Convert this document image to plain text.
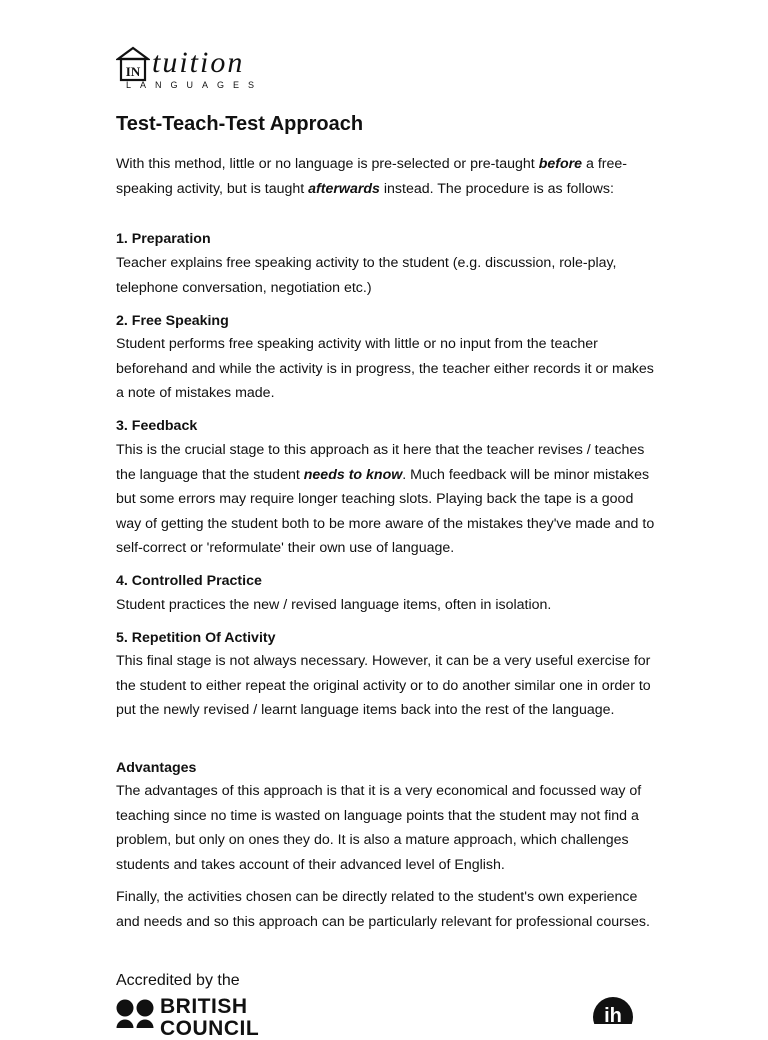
IN tuition
LANGUAGES
Test-Teach-Test Approach

With this method, little or no language is pre-selected or pre-taught before a free-speaking activity, but is taught afterwards instead. The procedure is as follows:

1. Preparation

Teacher explains free speaking activity to the student (e.g. discussion, role-play, telephone conversation, negotiation etc.)

2. Free Speaking

Student performs free speaking activity with little or no input from the teacher beforehand and while the activity is in progress, the teacher either records it or makes a note of mistakes made.

3. Feedback

This is the crucial stage to this approach as it here that the teacher revises / teaches the language that the student needs to know. Much feedback will be minor mistakes but some errors may require longer teaching slots. Playing back the tape is a good way of getting the student both to be more aware of the mistakes they've made and to self-correct or 'reformulate' their own use of language.

4. Controlled Practice

Student practices the new / revised language items, often in isolation.

5. Repetition Of Activity

This final stage is not always necessary. However, it can be a very useful exercise for the student to either repeat the original activity or to do another similar one in order to put the newly revised / learnt language items back into the rest of the language.

Advantages

The advantages of this approach is that it is a very economical and focussed way of teaching since no time is wasted on language points that the student may not find a problem, but only on ones they do. It is also a mature approach, which challenges students and takes account of their advanced level of English.

Finally, the activities chosen can be directly related to the student's own experience and needs and so this approach can be particularly relevant for professional courses.

Accredited by the
BRITISH
COUNCIL
ih
